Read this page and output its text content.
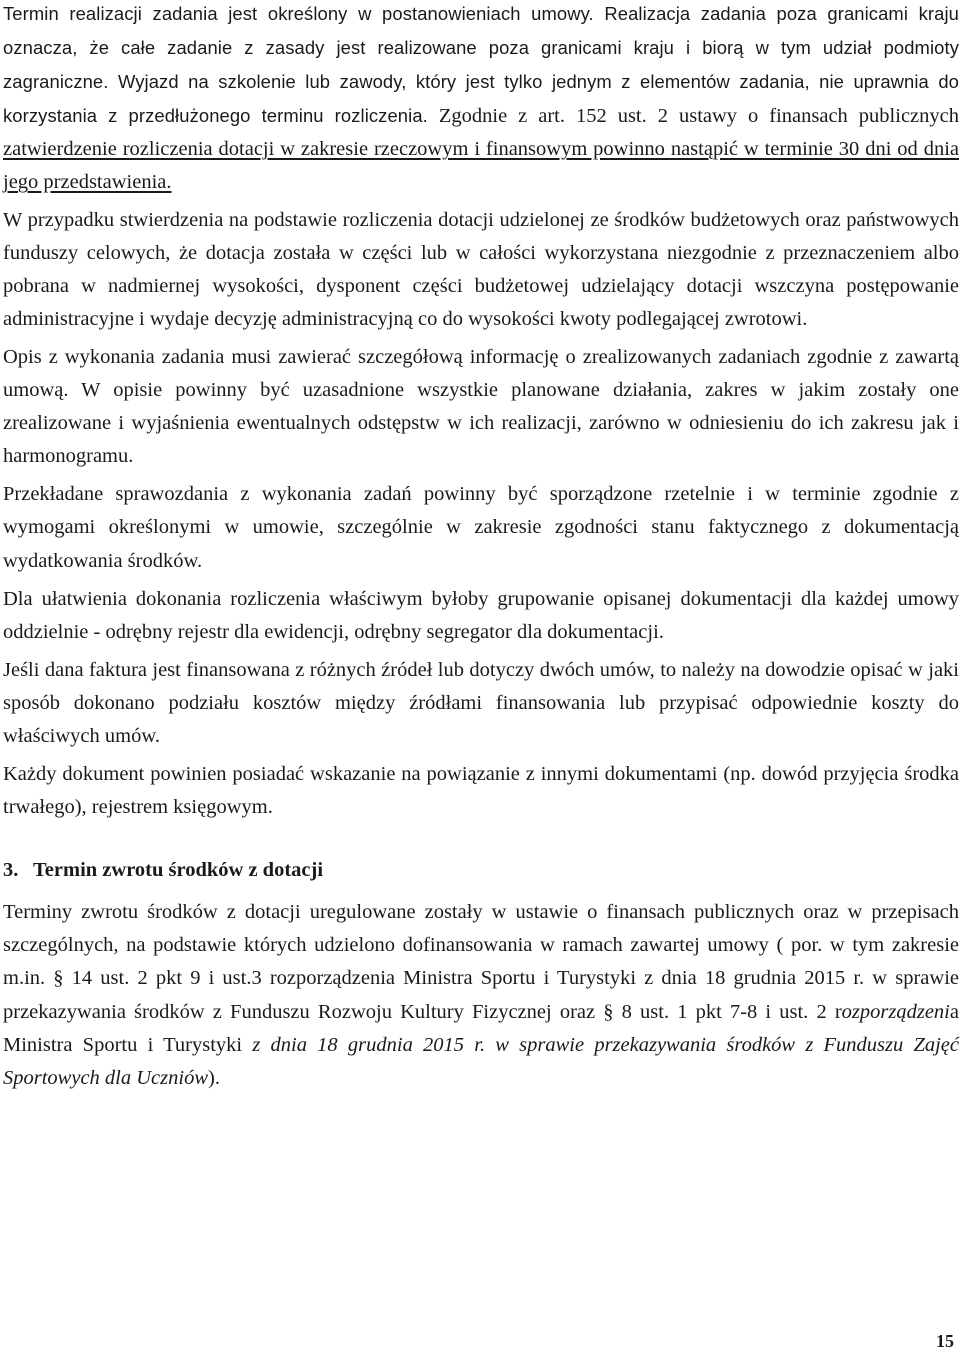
Termin realizacji zadania jest określony w postanowieniach umowy. Realizacja zadania poza granicami kraju oznacza, że całe zadanie z zasady jest realizowane poza granicami kraju i biorą w tym udział podmioty zagraniczne. Wyjazd na szkolenie lub zawody, który jest tylko jednym z elementów zadania, nie uprawnia do korzystania z przedłużonego terminu rozliczenia. Zgodnie z art. 152 ust. 2 ustawy o finansach publicznych zatwierdzenie rozliczenia dotacji w zakresie rzeczowym i finansowym powinno nastąpić w terminie 30 dni od dnia jego przedstawienia.

W przypadku stwierdzenia na podstawie rozliczenia dotacji udzielonej ze środków budżetowych oraz państwowych funduszy celowych, że dotacja została w części lub w całości wykorzystana niezgodnie z przeznaczeniem albo pobrana w nadmiernej wysokości, dysponent części budżetowej udzielający dotacji wszczyna postępowanie administracyjne i wydaje decyzję administracyjną co do wysokości kwoty podlegającej zwrotowi.

Opis z wykonania zadania musi zawierać szczegółową informację o zrealizowanych zadaniach zgodnie z zawartą umową. W opisie powinny być uzasadnione wszystkie planowane działania, zakres w jakim zostały one zrealizowane i wyjaśnienia ewentualnych odstępstw w ich realizacji, zarówno w odniesieniu do ich zakresu jak i harmonogramu.

Przekładane sprawozdania z wykonania zadań powinny być sporządzone rzetelnie i w terminie zgodnie z wymogami określonymi w umowie, szczególnie w zakresie zgodności stanu faktycznego z dokumentacją wydatkowania środków.

Dla ułatwienia dokonania rozliczenia właściwym byłoby grupowanie opisanej dokumentacji dla każdej umowy oddzielnie - odrębny rejestr dla ewidencji, odrębny segregator dla dokumentacji.

Jeśli dana faktura jest finansowana z różnych źródeł lub dotyczy dwóch umów, to należy na dowodzie opisać w jaki sposób dokonano podziału kosztów między źródłami finansowania lub przypisać odpowiednie koszty do właściwych umów.

Każdy dokument powinien posiadać wskazanie na powiązanie z innymi dokumentami (np. dowód przyjęcia środka trwałego), rejestrem księgowym.

3. Termin zwrotu środków z dotacji

Terminy zwrotu środków z dotacji uregulowane zostały w ustawie o finansach publicznych oraz w przepisach szczególnych, na podstawie których udzielono dofinansowania w ramach zawartej umowy ( por. w tym zakresie m.in. § 14 ust. 2 pkt 9 i ust.3 rozporządzenia Ministra Sportu i Turystyki z dnia 18 grudnia 2015 r. w sprawie przekazywania środków z Funduszu Rozwoju Kultury Fizycznej oraz § 8 ust. 1 pkt 7-8 i ust. 2 rozporządzenia Ministra Sportu i Turystyki z dnia 18 grudnia 2015 r. w sprawie przekazywania środków z Funduszu Zajęć Sportowych dla Uczniów).

15
